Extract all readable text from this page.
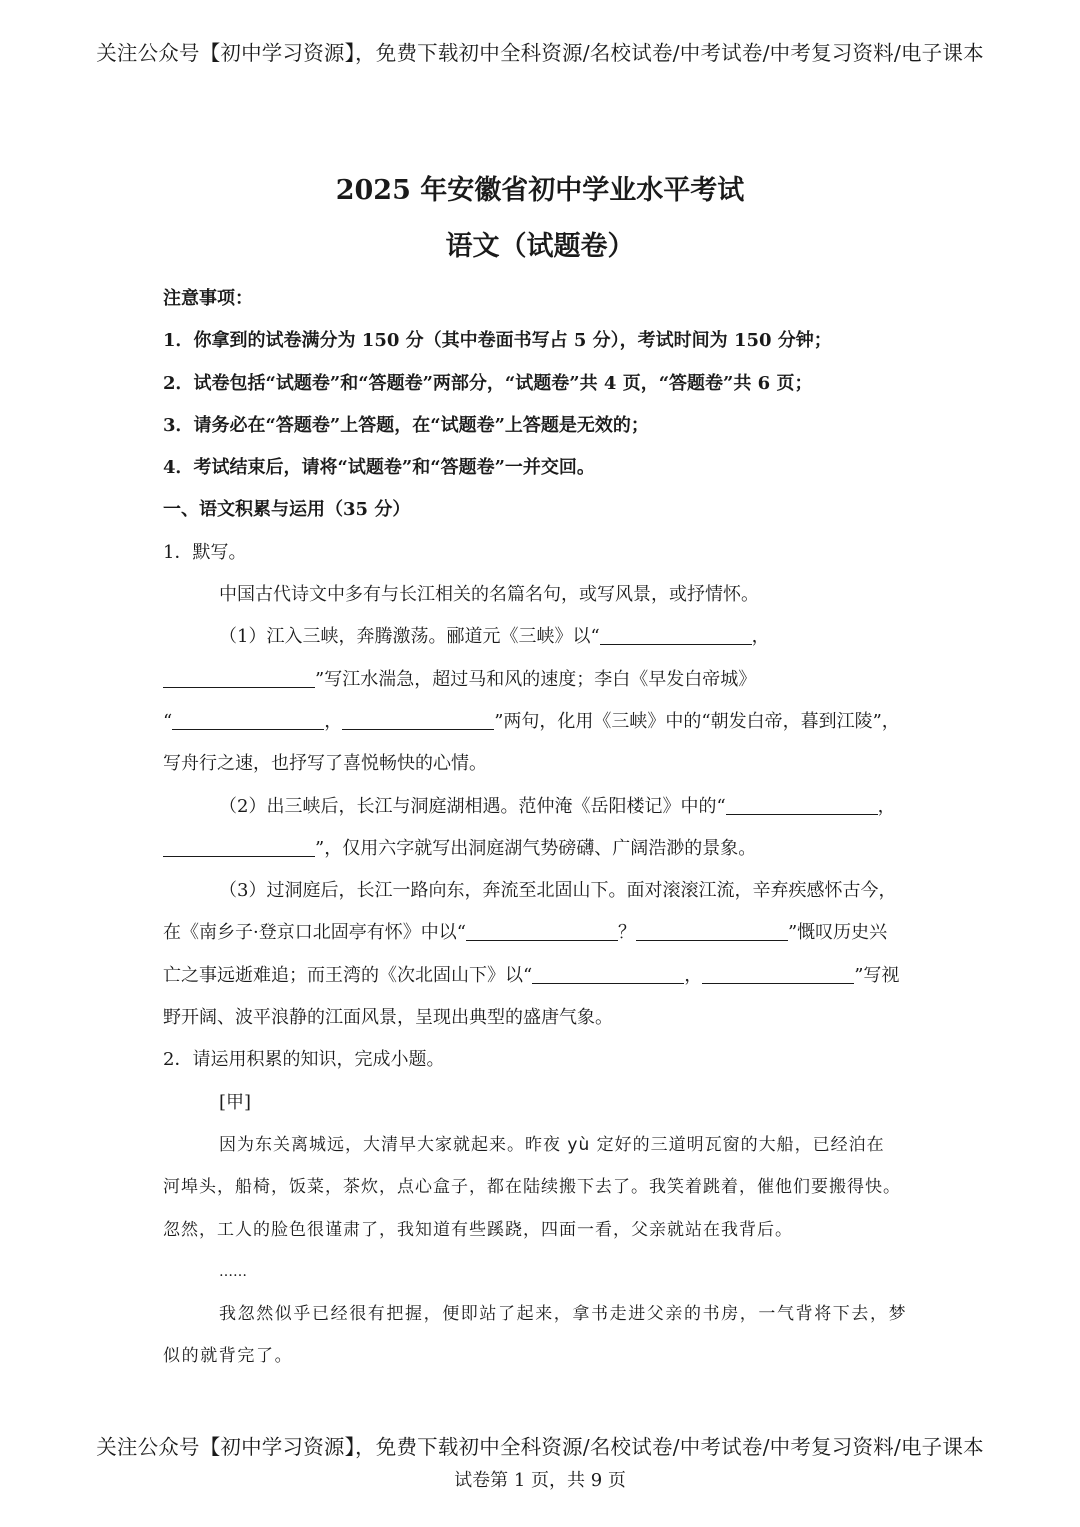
关注公众号【初中学习资源】，免费下载初中全科资源/名校试卷/中考试卷/中考复习资料/电子课本
2025 年安徽省初中学业水平考试
语文（试题卷）
注意事项：
1．你拿到的试卷满分为 150 分（其中卷面书写占 5 分），考试时间为 150 分钟；
2．试卷包括“试题卷”和“答题卷”两部分，“试题卷”共 4 页，“答题卷”共 6 页；
3．请务必在“答题卷”上答题，在“试题卷”上答题是无效的；
4．考试结束后，请将“试题卷”和“答题卷”一并交回。
一、语文积累与运用（35 分）
1．默写。
中国古代诗文中多有与长江相关的名篇名句，或写风景，或抒情怀。
（1）江入三峡，奔腾激荡。郦道元《三峡》以“	，
”写江水湍急，超过马和风的速度；李白《早发白帝城》
“	，	”两句，化用《三峡》中的“朝发白帝，暮到江陵”，
写舟行之速，也抒写了喜悦畅快的心情。
（2）出三峡后，长江与洞庭湖相遇。范仲淹《岳阳楼记》中的“	，
”，仅用六字就写出洞庭湖气势磅礴、广阔浩渺的景象。
（3）过洞庭后，长江一路向东，奔流至北固山下。面对滚滚江流，辛弃疾感怀古今，
在《南乡子·登京口北固亭有怀》中以“	？	”慨叹历史兴
亡之事远逝难追；而王湾的《次北固山下》以“	，	”写视
野开阔、波平浪静的江面风景，呈现出典型的盛唐气象。
2．请运用积累的知识，完成小题。
[甲]
因为东关离城远，大清早大家就起来。昨夜 yù 定好的三道明瓦窗的大船，已经泊在
河埠头，船椅，饭菜，茶炊，点心盒子，都在陆续搬下去了。我笑着跳着，催他们要搬得快。
忽然，工人的脸色很谨肃了，我知道有些蹊跷，四面一看，父亲就站在我背后。
……
我忽然似乎已经很有把握，便即站了起来，拿书走进父亲的书房，一气背将下去，梦
似的就背完了。
关注公众号【初中学习资源】，免费下载初中全科资源/名校试卷/中考试卷/中考复习资料/电子课本
试卷第 1 页，共 9 页
